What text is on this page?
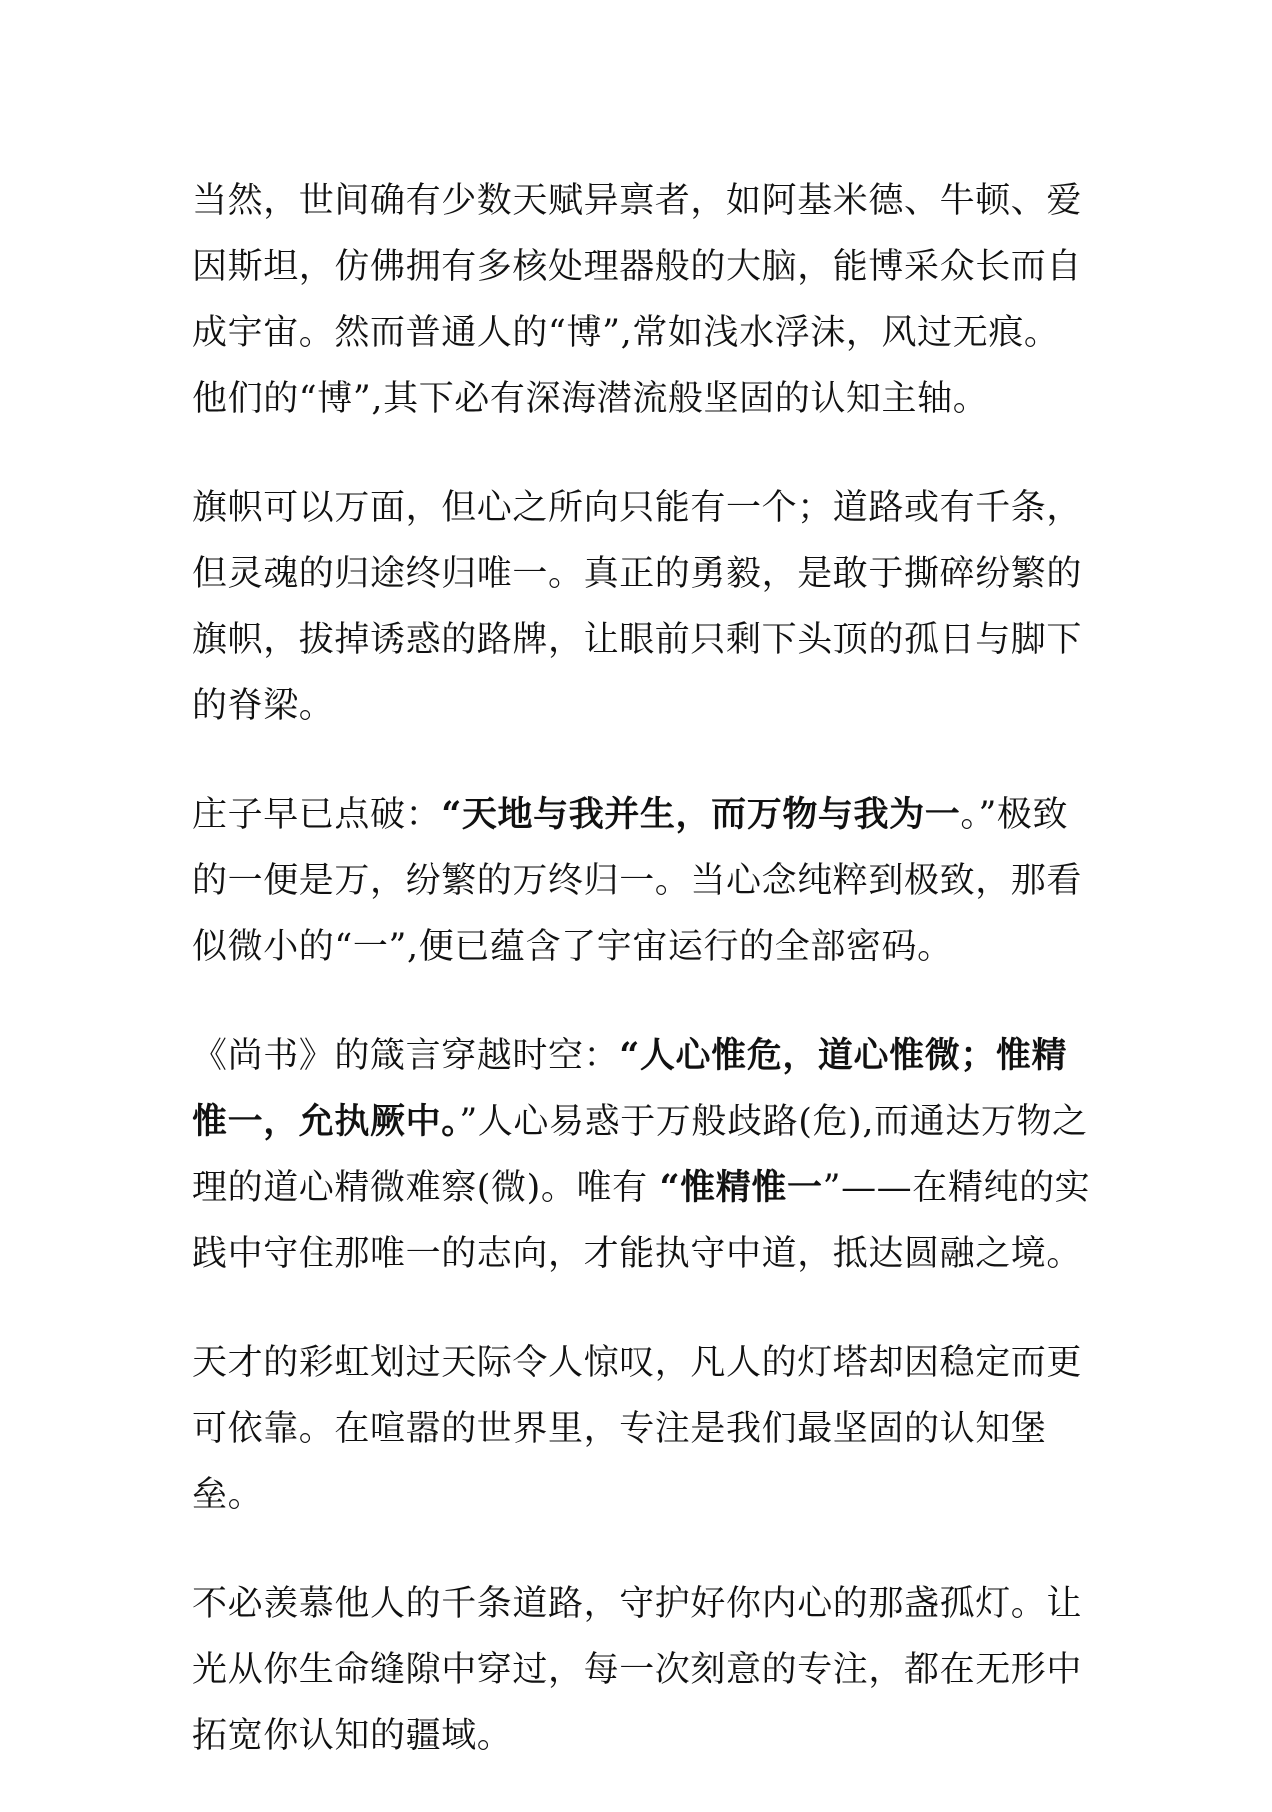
当然，世间确有少数天赋异禀者，如阿基米德、牛顿、爱因斯坦，仿佛拥有多核处理器般的大脑，能博采众长而自成宇宙。然而普通人的“博”,常如浅水浮沫，风过无痕。他们的“博”,其下必有深海潜流般坚固的认知主轴。

旗帜可以万面，但心之所向只能有一个；道路或有千条，但灵魂的归途终归唯一。真正的勇毅，是敢于撕碎纷繁的旗帜，拔掉诱惑的路牌，让眼前只剩下头顶的孤日与脚下的脊梁。

庄子早已点破：“天地与我并生，而万物与我为一。”极致的一便是万，纷繁的万终归一。当心念纯粹到极致，那看似微小的“一”,便已蕴含了宇宙运行的全部密码。

《尚书》的箴言穿越时空：“人心惟危，道心惟微；惟精惟一，允执厥中。”人心易惑于万般歧路(危),而通达万物之理的道心精微难察(微)。唯有 “惟精惟一”——在精纯的实践中守住那唯一的志向，才能执守中道，抵达圆融之境。

天才的彩虹划过天际令人惊叹，凡人的灯塔却因稳定而更可依靠。在喧嚣的世界里，专注是我们最坚固的认知堡垒。

不必羡慕他人的千条道路，守护好你内心的那盏孤灯。让光从你生命缝隙中穿过，每一次刻意的专注，都在无形中拓宽你认知的疆域。
